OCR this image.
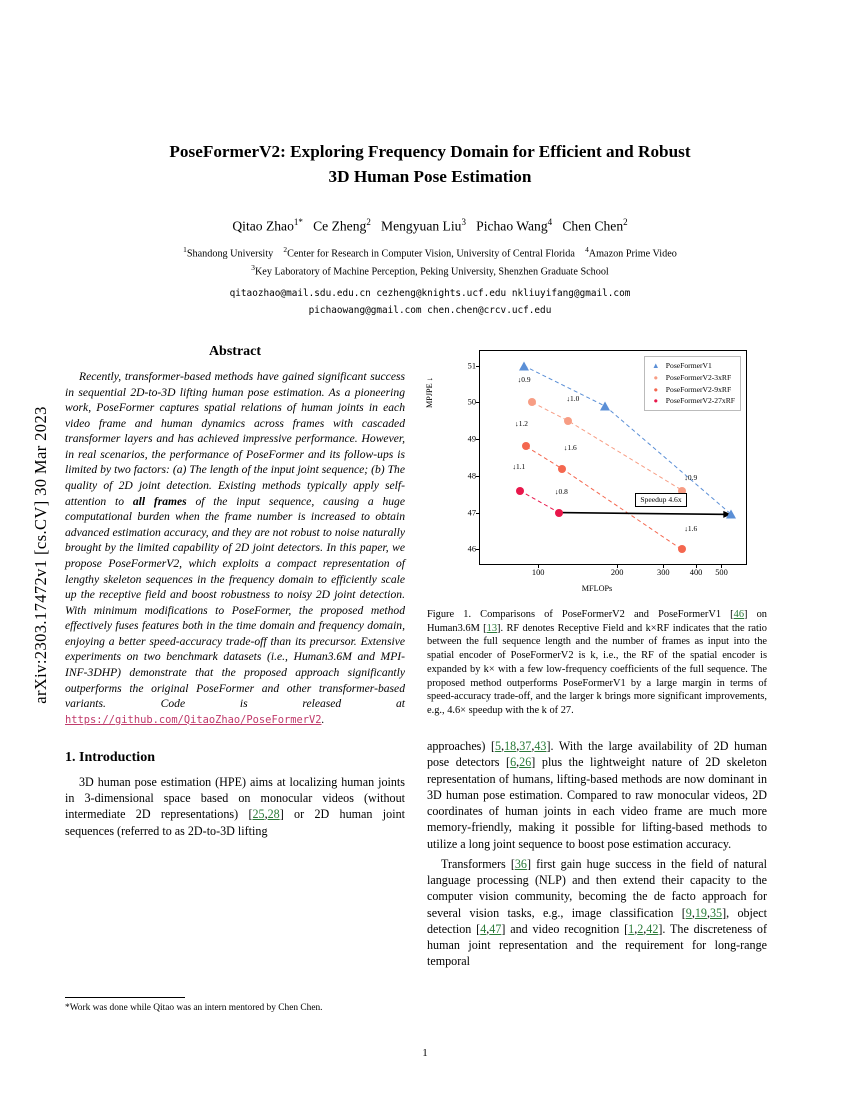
arXiv:2303.17472v1 [cs.CV] 30 Mar 2023
PoseFormerV2: Exploring Frequency Domain for Efficient and Robust
3D Human Pose Estimation
Qitao Zhao$^{1*}$   Ce Zheng$^2$   Mengyuan Liu$^3$   Pichao Wang$^4$   Chen Chen$^2$
$^1$Shandong University    $^2$Center for Research in Computer Vision, University of Central Florida    $^4$Amazon Prime Video
$^3$Key Laboratory of Machine Perception, Peking University, Shenzhen Graduate School
qitaozhao@mail.sdu.edu.cn cezheng@knights.ucf.edu nkliuyifang@gmail.com
pichaowang@gmail.com chen.chen@crcv.ucf.edu
Abstract
Recently, transformer-based methods have gained significant success in sequential 2D-to-3D lifting human pose estimation. As a pioneering work, PoseFormer captures spatial relations of human joints in each video frame and human dynamics across frames with cascaded transformer layers and has achieved impressive performance. However, in real scenarios, the performance of PoseFormer and its follow-ups is limited by two factors: (a) The length of the input joint sequence; (b) The quality of 2D joint detection. Existing methods typically apply self-attention to all frames of the input sequence, causing a huge computational burden when the frame number is increased to obtain advanced estimation accuracy, and they are not robust to noise naturally brought by the limited capability of 2D joint detectors. In this paper, we propose PoseFormerV2, which exploits a compact representation of lengthy skeleton sequences in the frequency domain to efficiently scale up the receptive field and boost robustness to noisy 2D joint detection. With minimum modifications to PoseFormer, the proposed method effectively fuses features both in the time domain and frequency domain, enjoying a better speed-accuracy trade-off than its precursor. Extensive experiments on two benchmark datasets (i.e., Human3.6M and MPI-INF-3DHP) demonstrate that the proposed approach significantly outperforms the original PoseFormer and other transformer-based variants. Code is released at https://github.com/QitaoZhao/PoseFormerV2.
1. Introduction
3D human pose estimation (HPE) aims at localizing human joints in 3-dimensional space based on monocular videos (without intermediate 2D representations) [25,28] or 2D human joint sequences (referred to as 2D-to-3D lifting
*Work was done while Qitao was an intern mentored by Chen Chen.
46
47
48
49
50
51
100	200	300 400 500
↓0.9
↓1.0
↓1.2
↓1.6
↓1.1
↓0.8
↓0.9
↓1.6
Speedup 4.6x
▲ PoseFormerV1
●	PoseFormerV2-3xRF
●	PoseFormerV2-9xRF
●	PoseFormerV2-27xRF
MPJPE ↓
MFLOPs
Figure 1. Comparisons of PoseFormerV2 and PoseFormerV1 [46] on Human3.6M [13]. RF denotes Receptive Field and k×RF indicates that the ratio between the full sequence length and the number of frames as input into the spatial encoder of PoseFormerV2 is k, i.e., the RF of the spatial encoder is expanded by k× with a few low-frequency coefficients of the full sequence. The proposed method outperforms PoseFormerV1 by a large margin in terms of speed-accuracy trade-off, and the larger k brings more significant improvements, e.g., 4.6× speedup with the k of 27.
approaches) [5,18,37,43]. With the large availability of 2D human pose detectors [6,26] plus the lightweight nature of 2D skeleton representation of humans, lifting-based methods are now dominant in 3D human pose estimation. Compared to raw monocular videos, 2D coordinates of human joints in each video frame are much more memory-friendly, making it possible for lifting-based methods to utilize a long joint sequence to boost pose estimation accuracy.
Transformers [36] first gain huge success in the field of natural language processing (NLP) and then extend their capacity to the computer vision community, becoming the de facto approach for several vision tasks, e.g., image classification [9,19,35], object detection [4,47] and video recognition [1,2,42]. The discreteness of human joint representation and the requirement for long-range temporal
1
